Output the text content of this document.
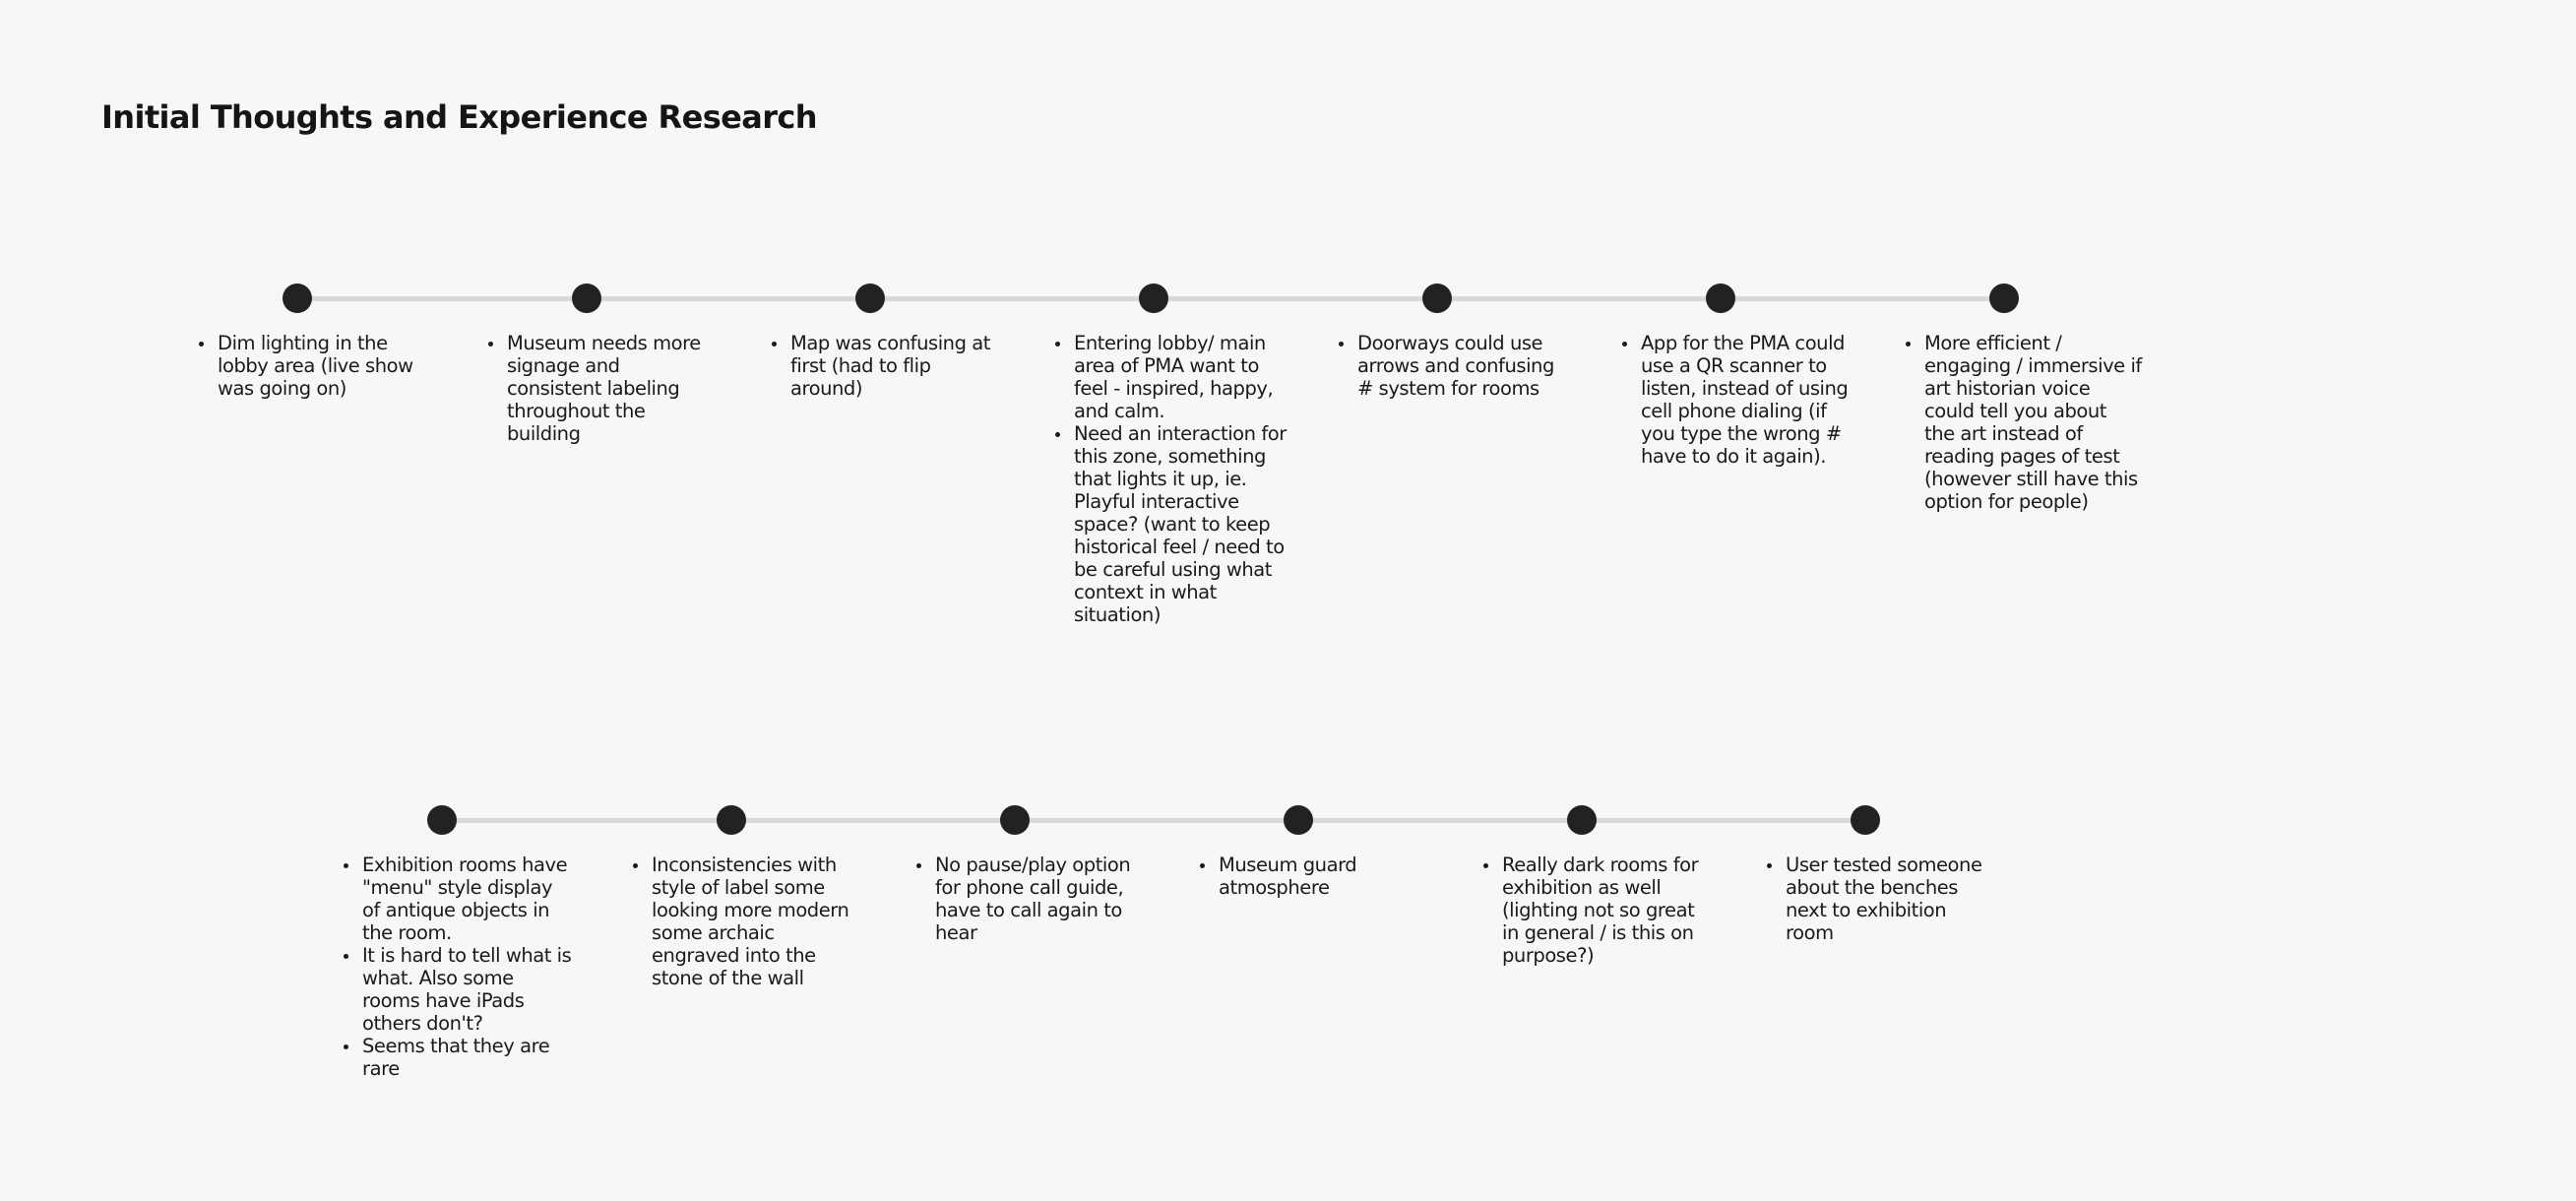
Initial Thoughts and Experience Research
Dim lighting in the lobby area (live show was going on)
Museum needs more signage and consistent labeling throughout the building
Map was confusing at first (had to flip around)
Entering lobby/ main area of PMA want to feel - inspired, happy, and calm.
Need an interaction for this zone, something that lights it up, ie. Playful interactive space? (want to keep historical feel / need to be careful using what context in what situation)
Doorways could use arrows and confusing # system for rooms
App for the PMA could use a QR scanner to listen, instead of using cell phone dialing (if you type the wrong # have to do it again).
More efficient / engaging / immersive if art historian voice could tell you about the art instead of reading pages of test (however still have this option for people)
Exhibition rooms have "menu" style display of antique objects in the room.
It is hard to tell what is what. Also some rooms have iPads others don't?
Seems that they are rare
Inconsistencies with style of label some looking more modern some archaic engraved into the stone of the wall
No pause/play option for phone call guide, have to call again to hear
Museum guard atmosphere
Really dark rooms for exhibition as well (lighting not so great in general / is this on purpose?)
User tested someone about the benches next to exhibition room
